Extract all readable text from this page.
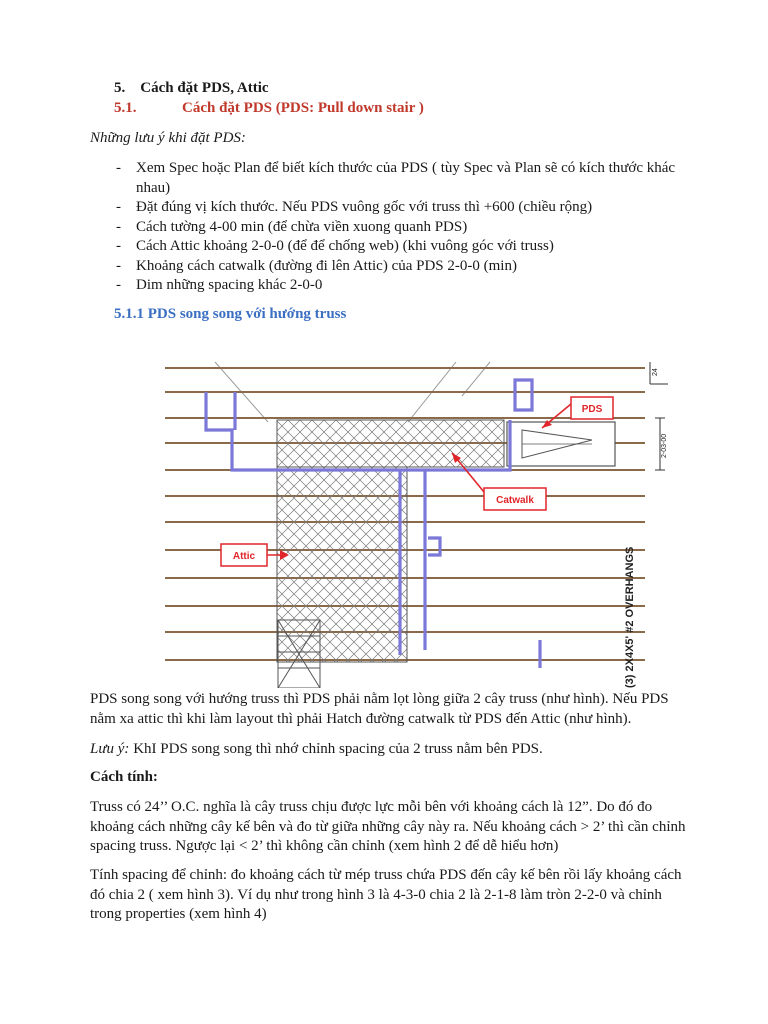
5.    Cách đặt PDS, Attic
5.1.	Cách đặt PDS (PDS: Pull down stair )
Những lưu ý khi đặt PDS:
- Xem Spec hoặc Plan để biết kích thước của PDS ( tùy Spec và Plan sẽ có kích thước khác nhau)
- Đặt đúng vị kích thước. Nếu PDS vuông gốc với truss thì +600 (chiều rộng)
- Cách tường 4-00 min (để chừa viền xuong quanh PDS)
- Cách Attic khoảng 2-0-0 (để để chống web) (khi vuông góc với truss)
- Khoảng cách catwalk (đường đi lên Attic) của PDS 2-0-0 (min)
- Dim những spacing khác 2-0-0
5.1.1 PDS song song với hướng truss
24
2-03-00
(3) 2X4X5' #2 OVERHANGS
PDS
Catwalk
Attic
PDS song song với hướng truss thì PDS phải nằm lọt lòng giữa 2 cây truss (như hình). Nếu PDS nằm xa attic thì khi làm layout thì phải Hatch đường catwalk từ PDS đến Attic (như hình).
Lưu ý: KhI PDS song song thì nhớ chỉnh spacing của 2 truss nằm bên PDS.
Cách tính:
Truss có 24’’ O.C. nghĩa là cây truss chịu được lực mỗi bên với khoảng cách là 12”. Do đó đo khoảng cách những cây kế bên và đo từ giữa những cây này ra. Nếu khoảng cách > 2’ thì cần chỉnh spacing truss. Ngược lại < 2’ thì không cần chỉnh (xem hình 2 để dễ hiểu hơn)
Tính spacing để chỉnh: đo khoảng cách từ mép truss chứa PDS đến cây kế bên rồi lấy khoảng cách đó chia 2 ( xem hình 3). Ví dụ như trong hình 3 là 4-3-0 chia 2 là 2-1-8 làm tròn 2-2-0 và chỉnh trong properties (xem hình 4)
